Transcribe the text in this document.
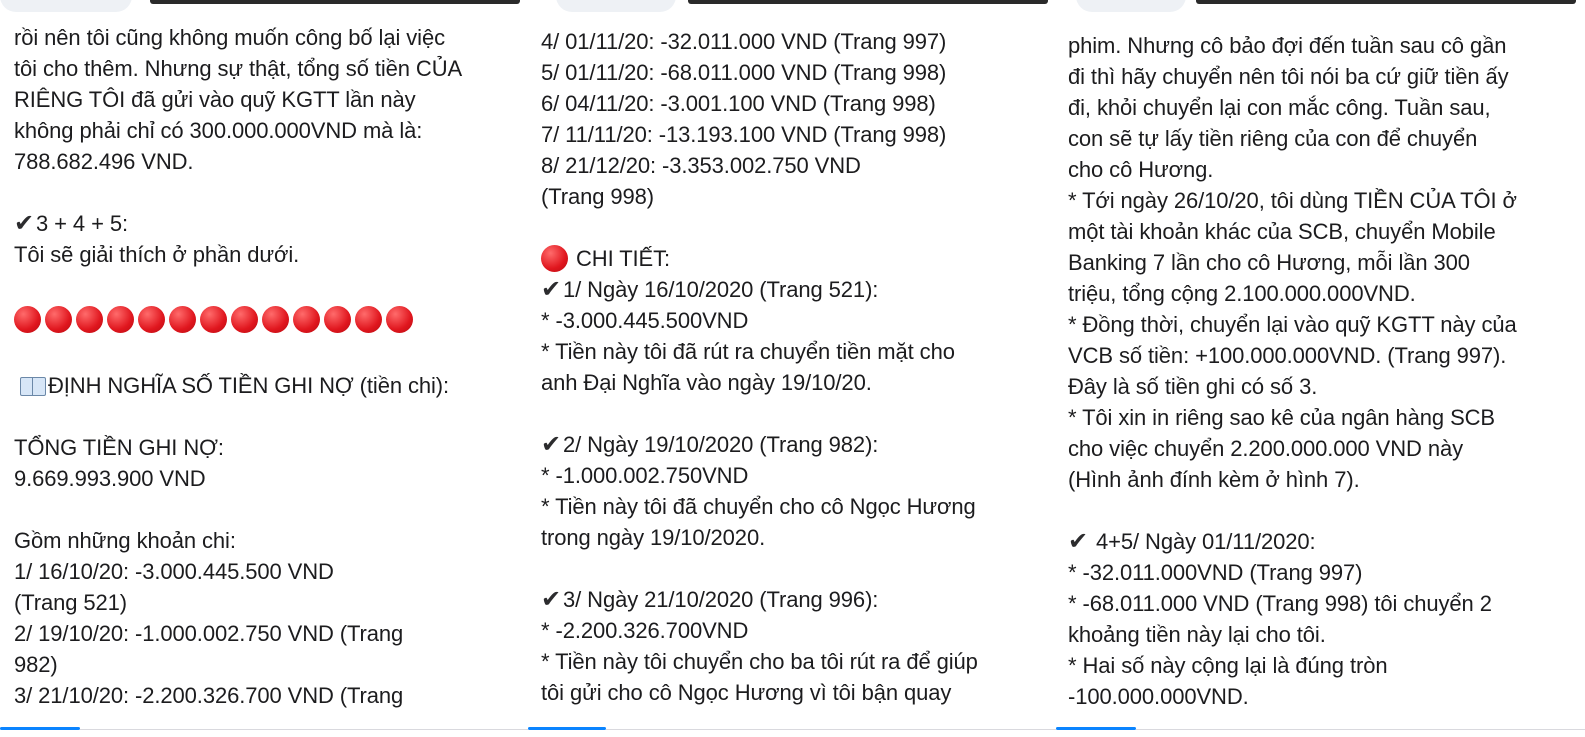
rồi nên tôi cũng không muốn công bố lại việc
tôi cho thêm. Nhưng sự thật, tổng số tiền CỦA
RIÊNG TÔI đã gửi vào quỹ KGTT lần này
không phải chỉ có 300.000.000VND mà là:
788.682.496 VND.
✔3 + 4 + 5:
Tôi sẽ giải thích ở phần dưới.
ĐỊNH NGHĨA SỐ TIỀN GHI NỢ (tiền chi):
TỔNG TIỀN GHI NỢ:
9.669.993.900 VND
Gồm những khoản chi:
1/ 16/10/20: -3.000.445.500 VND
(Trang 521)
2/ 19/10/20: -1.000.002.750 VND (Trang
982)
3/ 21/10/20: -2.200.326.700 VND (Trang
4/ 01/11/20: -32.011.000 VND (Trang 997)
5/ 01/11/20: -68.011.000 VND (Trang 998)
6/ 04/11/20: -3.001.100 VND (Trang 998)
7/ 11/11/20: -13.193.100 VND (Trang 998)
8/ 21/12/20: -3.353.002.750 VND
(Trang 998)
CHI TIẾT:
✔1/ Ngày 16/10/2020 (Trang 521):
* -3.000.445.500VND
* Tiền này tôi đã rút ra chuyển tiền mặt cho
anh Đại Nghĩa vào ngày 19/10/20.
✔2/ Ngày 19/10/2020 (Trang 982):
* -1.000.002.750VND
* Tiền này tôi đã chuyển cho cô Ngọc Hương
trong ngày 19/10/2020.
✔3/ Ngày 21/10/2020 (Trang 996):
* -2.200.326.700VND
* Tiền này tôi chuyển cho ba tôi rút ra để giúp
tôi gửi cho cô Ngọc Hương vì tôi bận quay
phim. Nhưng cô bảo đợi đến tuần sau cô gần
đi thì hãy chuyển nên tôi nói ba cứ giữ tiền ấy
đi, khỏi chuyển lại con mắc công. Tuần sau,
con sẽ tự lấy tiền riêng của con để chuyển
cho cô Hương.
* Tới ngày 26/10/20, tôi dùng TIỀN CỦA TÔI ở
một tài khoản khác của SCB, chuyển Mobile
Banking 7 lần cho cô Hương, mỗi lần 300
triệu, tổng cộng 2.100.000.000VND.
* Đồng thời, chuyển lại vào quỹ KGTT này của
VCB số tiền: +100.000.000VND. (Trang 997).
Đây là số tiền ghi có số 3.
* Tôi xin in riêng sao kê của ngân hàng SCB
cho việc chuyển 2.200.000.000 VND này
(Hình ảnh đính kèm ở hình 7).
✔ 4+5/ Ngày 01/11/2020:
* -32.011.000VND (Trang 997)
* -68.011.000 VND (Trang 998) tôi chuyển 2
khoảng tiền này lại cho tôi.
* Hai số này cộng lại là đúng tròn
-100.000.000VND.
